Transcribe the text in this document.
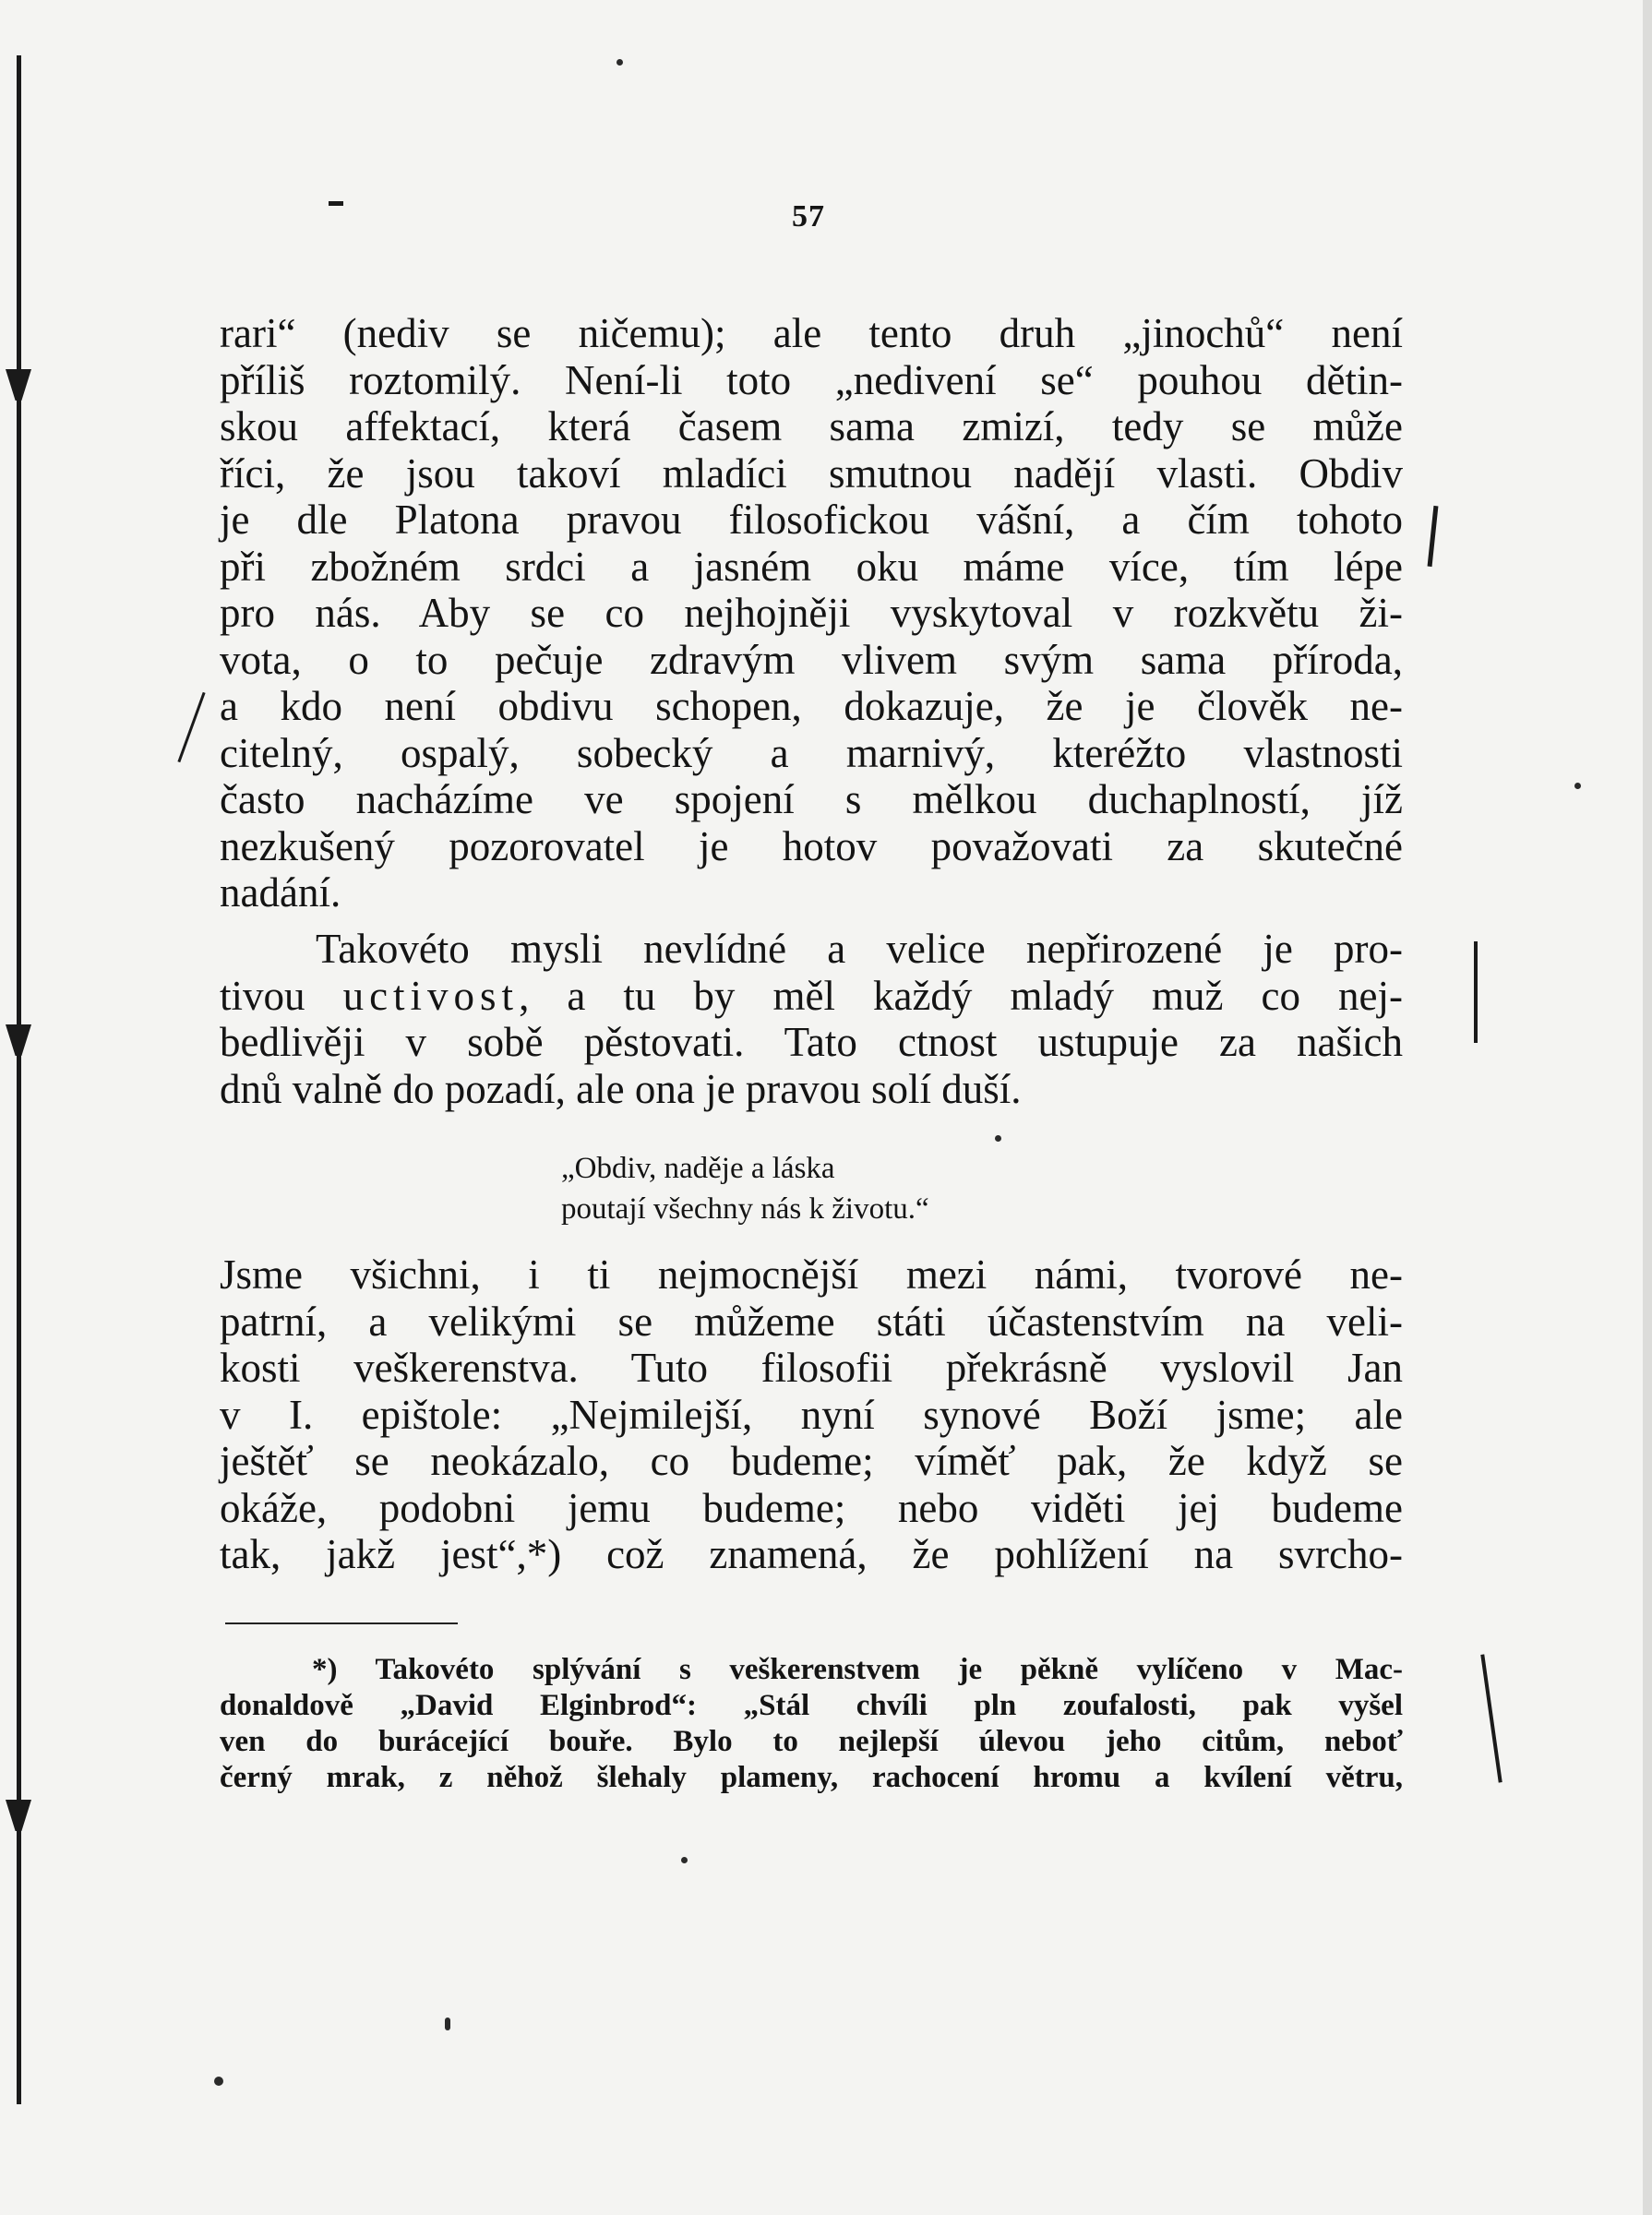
57
rari“ (nediv se ničemu); ale tento druh „jinochů“ není
příliš roztomilý. Není-li toto „nedivení se“ pouhou dětin-
skou affektací, která časem sama zmizí, tedy se může
říci, že jsou takoví mladíci smutnou nadějí vlasti. Obdiv
je dle Platona pravou filosofickou vášní, a čím tohoto
při zbožném srdci a jasném oku máme více, tím lépe
pro nás. Aby se co nejhojněji vyskytoval v rozkvětu ži-
vota, o to pečuje zdravým vlivem svým sama příroda,
a kdo není obdivu schopen, dokazuje, že je člověk ne-
citelný, ospalý, sobecký a marnivý, kteréžto vlastnosti
často nacházíme ve spojení s mělkou duchaplností, jíž
nezkušený pozorovatel je hotov považovati za skutečné
nadání.
Takovéto mysli nevlídné a velice nepřirozené je pro-
tivou uctivost, a tu by měl každý mladý muž co nej-
bedlivěji v sobě pěstovati. Tato ctnost ustupuje za našich
dnů valně do pozadí, ale ona je pravou solí duší.
„Obdiv, naděje a láska
poutají všechny nás k životu.“
Jsme všichni, i ti nejmocnější mezi námi, tvorové ne-
patrní, a velikými se můžeme státi účastenstvím na veli-
kosti veškerenstva. Tuto filosofii překrásně vyslovil Jan
v I. epištole: „Nejmilejší, nyní synové Boží jsme; ale
ještěť se neokázalo, co budeme; víměť pak, že když se
okáže, podobni jemu budeme; nebo viděti jej budeme
tak, jakž jest“,*) což znamená, že pohlížení na svrcho-
*) Takovéto splývání s veškerenstvem je pěkně vylíčeno v Mac-
donaldově „David Elginbrod“: „Stál chvíli pln zoufalosti, pak vyšel
ven do burácející bouře. Bylo to nejlepší úlevou jeho citům, neboť
černý mrak, z něhož šlehaly plameny, rachocení hromu a kvílení větru,
